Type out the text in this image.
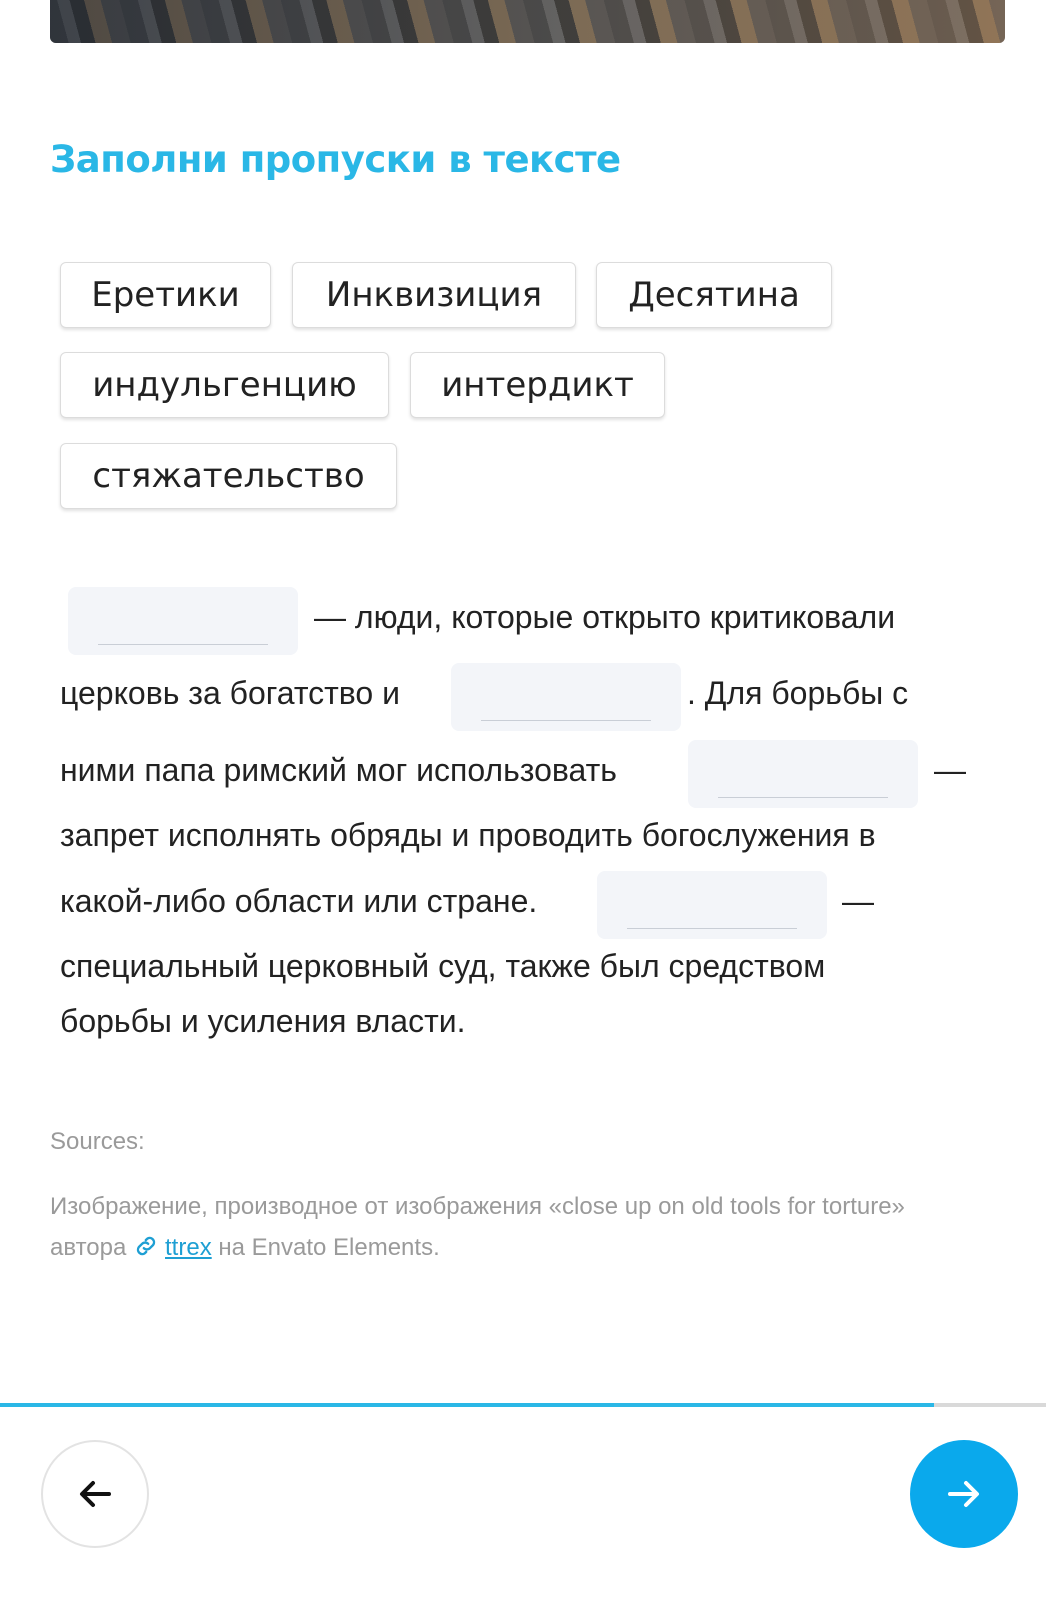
Заполни пропуски в тексте
Еретики	Инквизиция	Десятина
индульгенцию	интердикт
стяжательство
— люди, которые открыто критиковали
церковь за богатство и	. Для борьбы с
ними папа римский мог использовать	—
запрет исполнять обряды и проводить богослужения в
какой-либо области или стране.	—
специальный церковный суд, также был средством
борьбы и усиления власти.
Sources:
Изображение, производное от изображения «close up on old tools for torture»
автора ttrex на Envato Elements.
